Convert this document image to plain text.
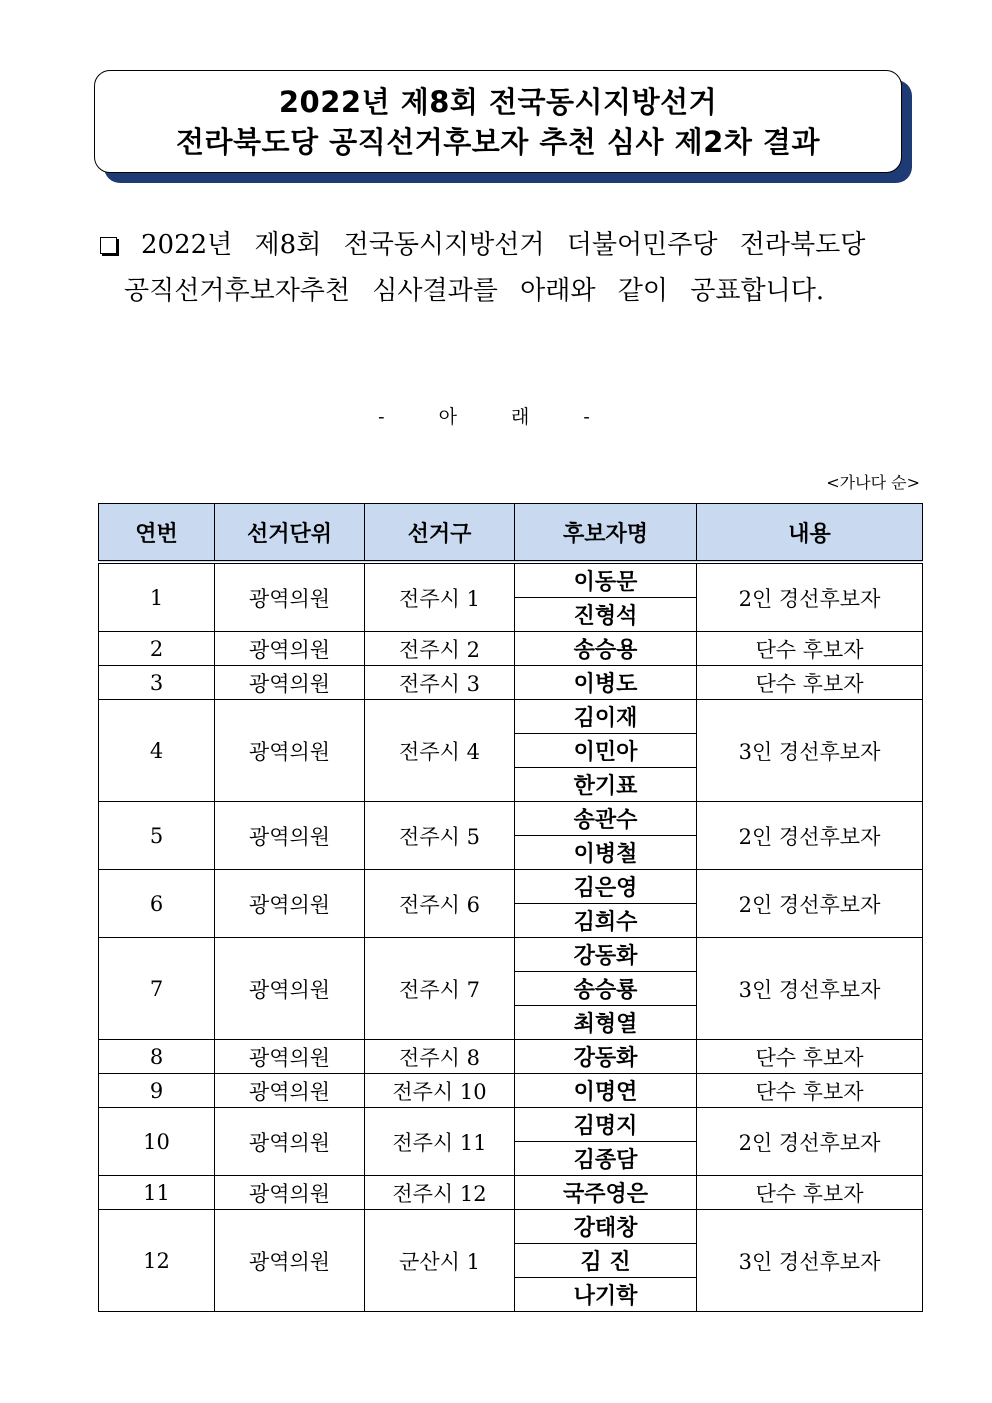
2022년 제8회 전국동시지방선거
전라북도당 공직선거후보자 추천 심사 제2차 결과
2022년 제8회 전국동시지방선거 더불어민주당 전라북도당
공직선거후보자추천 심사결과를 아래와 같이 공표합니다.
- 아 래 -
<가나다 순>
연번	선거단위	선거구	후보자명	내용
1	광역의원	전주시 1	이동문	2인 경선후보자
			진형석	
2	광역의원	전주시 2	송승용	단수 후보자
3	광역의원	전주시 3	이병도	단수 후보자
4	광역의원	전주시 4	김이재	3인 경선후보자
			이민아	
			한기표	
5	광역의원	전주시 5	송관수	2인 경선후보자
			이병철	
6	광역의원	전주시 6	김은영	2인 경선후보자
			김희수	
7	광역의원	전주시 7	강동화	3인 경선후보자
			송승룡	
			최형열	
8	광역의원	전주시 8	강동화	단수 후보자
9	광역의원	전주시 10	이명연	단수 후보자
10	광역의원	전주시 11	김명지	2인 경선후보자
			김종담	
11	광역의원	전주시 12	국주영은	단수 후보자
12	광역의원	군산시 1	강태창	3인 경선후보자
			김 진	
			나기학	
